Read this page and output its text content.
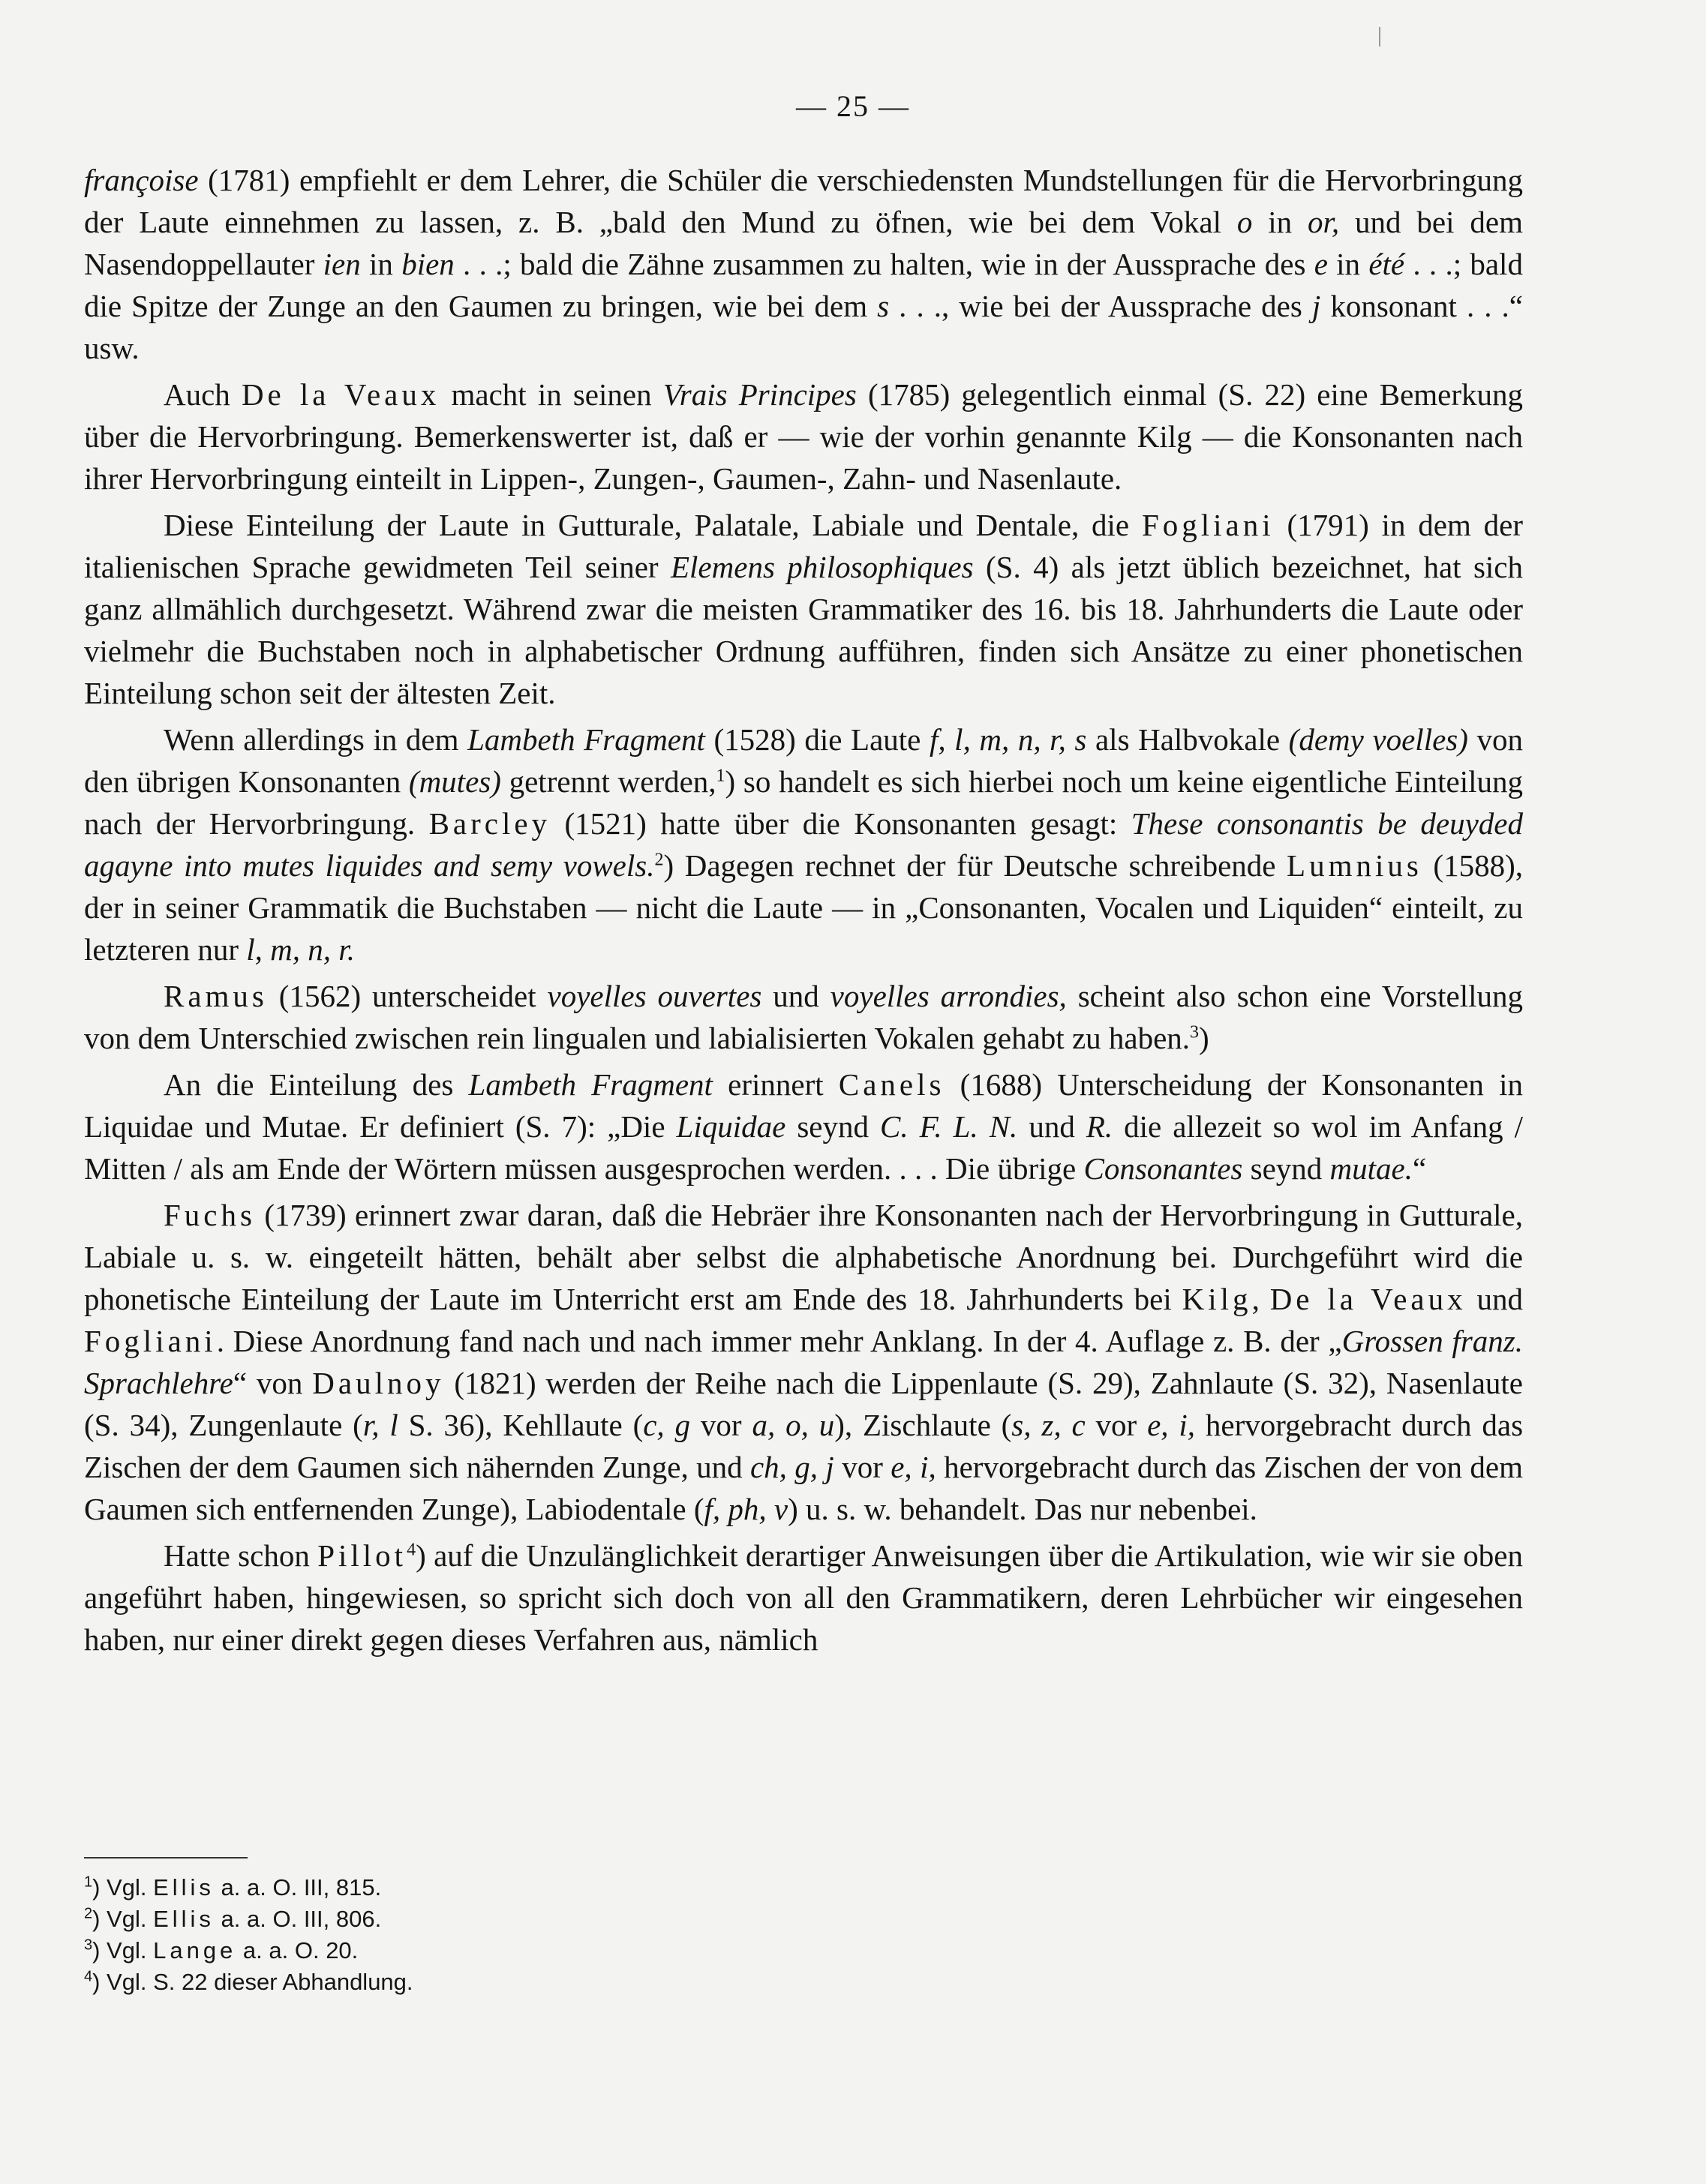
— 25 —

françoise (1781) empfiehlt er dem Lehrer, die Schüler die verschiedensten Mundstellungen für die Hervorbringung der Laute einnehmen zu lassen, z. B. „bald den Mund zu öfnen, wie bei dem Vokal o in or, und bei dem Nasendoppellauter ien in bien . . .; bald die Zähne zusammen zu halten, wie in der Aussprache des e in été . . .; bald die Spitze der Zunge an den Gaumen zu bringen, wie bei dem s . . ., wie bei der Aussprache des j konsonant . . .“ usw.

Auch De la Veaux macht in seinen Vrais Principes (1785) gelegentlich einmal (S. 22) eine Bemerkung über die Hervorbringung. Bemerkenswerter ist, daß er — wie der vorhin genannte Kilg — die Konsonanten nach ihrer Hervorbringung einteilt in Lippen-, Zungen-, Gaumen-, Zahn- und Nasenlaute.

Diese Einteilung der Laute in Gutturale, Palatale, Labiale und Dentale, die Fogliani (1791) in dem der italienischen Sprache gewidmeten Teil seiner Elemens philosophiques (S. 4) als jetzt üblich bezeichnet, hat sich ganz allmählich durchgesetzt. Während zwar die meisten Grammatiker des 16. bis 18. Jahrhunderts die Laute oder vielmehr die Buchstaben noch in alphabetischer Ordnung aufführen, finden sich Ansätze zu einer phonetischen Einteilung schon seit der ältesten Zeit.

Wenn allerdings in dem Lambeth Fragment (1528) die Laute f, l, m, n, r, s als Halbvokale (demy voelles) von den übrigen Konsonanten (mutes) getrennt werden,$^1$) so handelt es sich hierbei noch um keine eigentliche Einteilung nach der Hervorbringung. Barcley (1521) hatte über die Konsonanten gesagt: These consonantis be deuyded agayne into mutes liquides and semy vowels.$^2$) Dagegen rechnet der für Deutsche schreibende Lumnius (1588), der in seiner Grammatik die Buchstaben — nicht die Laute — in „Consonanten, Vocalen und Liquiden“ einteilt, zu letzteren nur l, m, n, r.

Ramus (1562) unterscheidet voyelles ouvertes und voyelles arrondies, scheint also schon eine Vorstellung von dem Unterschied zwischen rein lingualen und labialisierten Vokalen gehabt zu haben.$^3$)

An die Einteilung des Lambeth Fragment erinnert Canels (1688) Unterscheidung der Konsonanten in Liquidae und Mutae. Er definiert (S. 7): „Die Liquidae seynd C. F. L. N. und R. die allezeit so wol im Anfang / Mitten / als am Ende der Wörtern müssen ausgesprochen werden. . . . Die übrige Consonantes seynd mutae.“

Fuchs (1739) erinnert zwar daran, daß die Hebräer ihre Konsonanten nach der Hervorbringung in Gutturale, Labiale u. s. w. eingeteilt hätten, behält aber selbst die alphabetische Anordnung bei. Durchgeführt wird die phonetische Einteilung der Laute im Unterricht erst am Ende des 18. Jahrhunderts bei Kilg, De la Veaux und Fogliani. Diese Anordnung fand nach und nach immer mehr Anklang. In der 4. Auflage z. B. der „Grossen franz. Sprachlehre“ von Daulnoy (1821) werden der Reihe nach die Lippenlaute (S. 29), Zahnlaute (S. 32), Nasenlaute (S. 34), Zungenlaute (r, l S. 36), Kehllaute (c, g vor a, o, u), Zischlaute (s, z, c vor e, i, hervorgebracht durch das Zischen der dem Gaumen sich nähernden Zunge, und ch, g, j vor e, i, hervorgebracht durch das Zischen der von dem Gaumen sich entfernenden Zunge), Labiodentale (f, ph, v) u. s. w. behandelt. Das nur nebenbei.

Hatte schon Pillot$^4$) auf die Unzulänglichkeit derartiger Anweisungen über die Artikulation, wie wir sie oben angeführt haben, hingewiesen, so spricht sich doch von all den Grammatikern, deren Lehrbücher wir eingesehen haben, nur einer direkt gegen dieses Verfahren aus, nämlich

$^1$) Vgl. Ellis a. a. O. III, 815.

$^2$) Vgl. Ellis a. a. O. III, 806.

$^3$) Vgl. Lange a. a. O. 20.

$^4$) Vgl. S. 22 dieser Abhandlung.
